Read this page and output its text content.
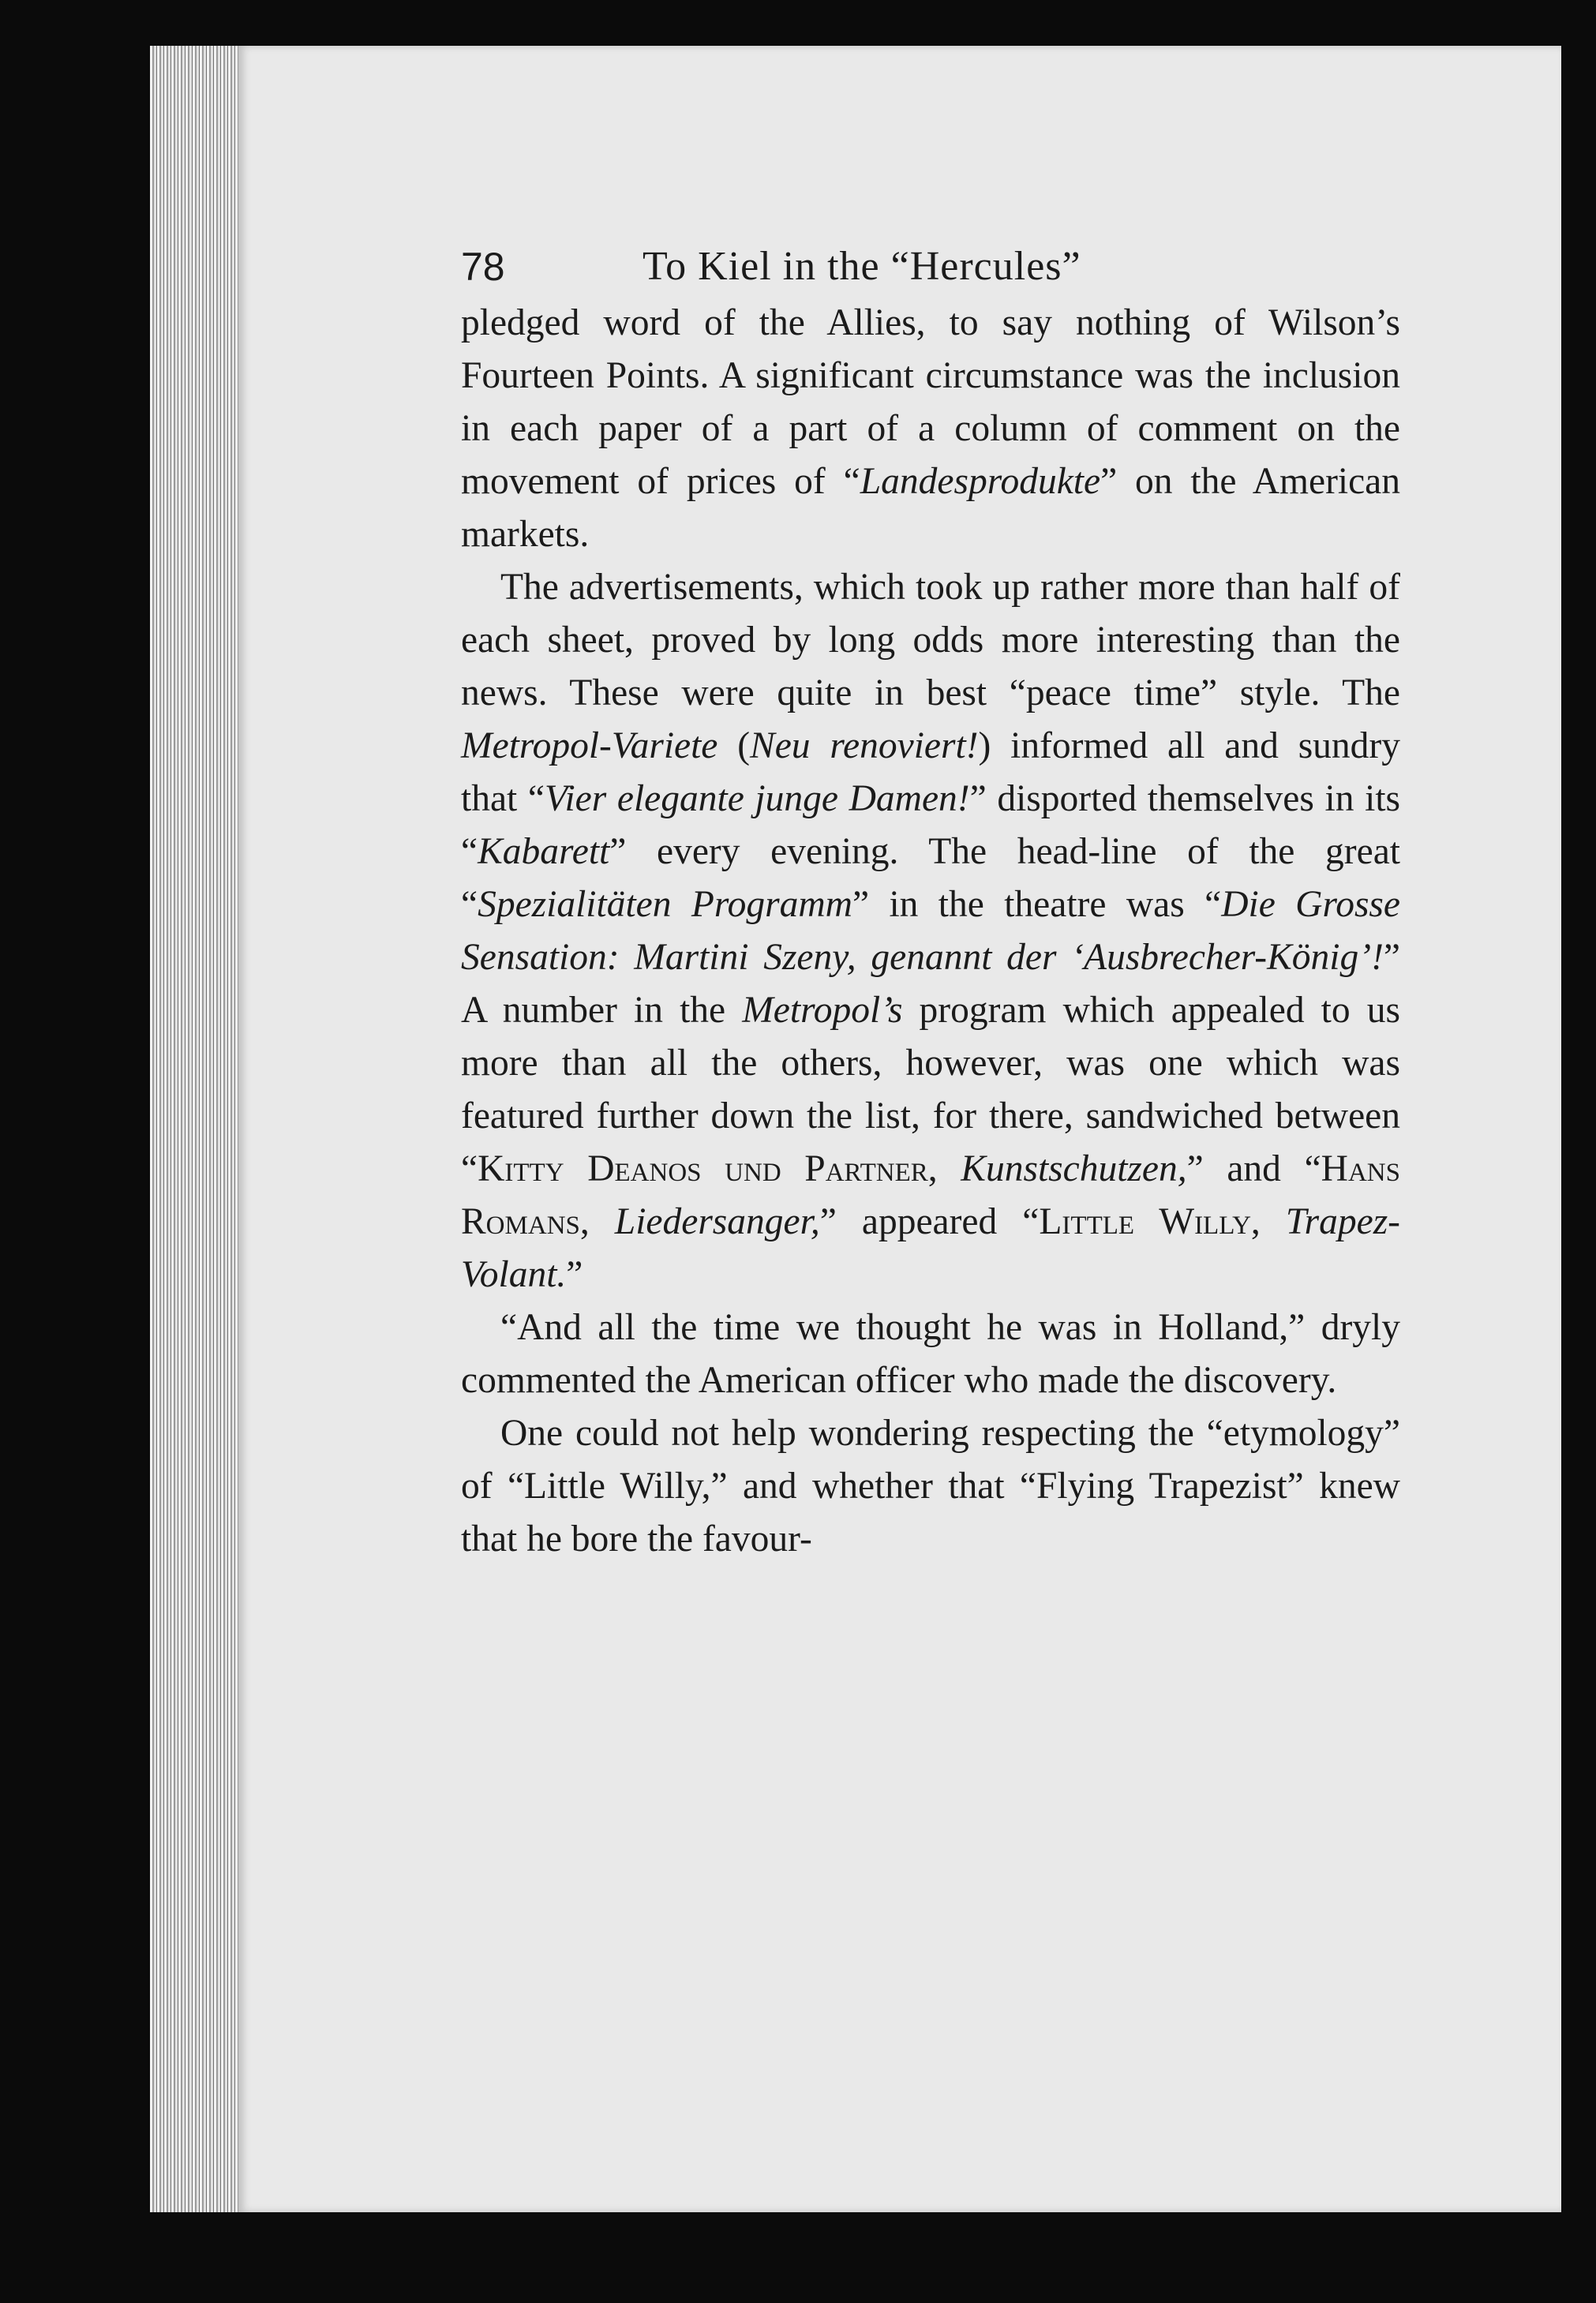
78	To Kiel in the “Hercules”

pledged word of the Allies, to say nothing of Wilson’s Fourteen Points. A significant circumstance was the inclusion in each paper of a part of a column of comment on the movement of prices of “Landesprodukte” on the American markets.

The advertisements, which took up rather more than half of each sheet, proved by long odds more interesting than the news. These were quite in best “peace time” style. The Metropol-Variete (Neu renoviert!) informed all and sundry that “Vier elegante junge Damen!” disported themselves in its “Kabarett” every evening. The head-line of the great “Spezialitäten Programm” in the theatre was “Die Grosse Sensation: Martini Szeny, genannt der ‘Ausbrecher-König’!” A number in the Metropol’s program which appealed to us more than all the others, however, was one which was featured further down the list, for there, sandwiched between “Kitty Deanos und Partner, Kunstschutzen,” and “Hans Romans, Liedersanger,” appeared “Little Willy, Trapez-Volant.”

“And all the time we thought he was in Holland,” dryly commented the American officer who made the discovery.

One could not help wondering respecting the “etymology” of “Little Willy,” and whether that “Flying Trapezist” knew that he bore the favour-
